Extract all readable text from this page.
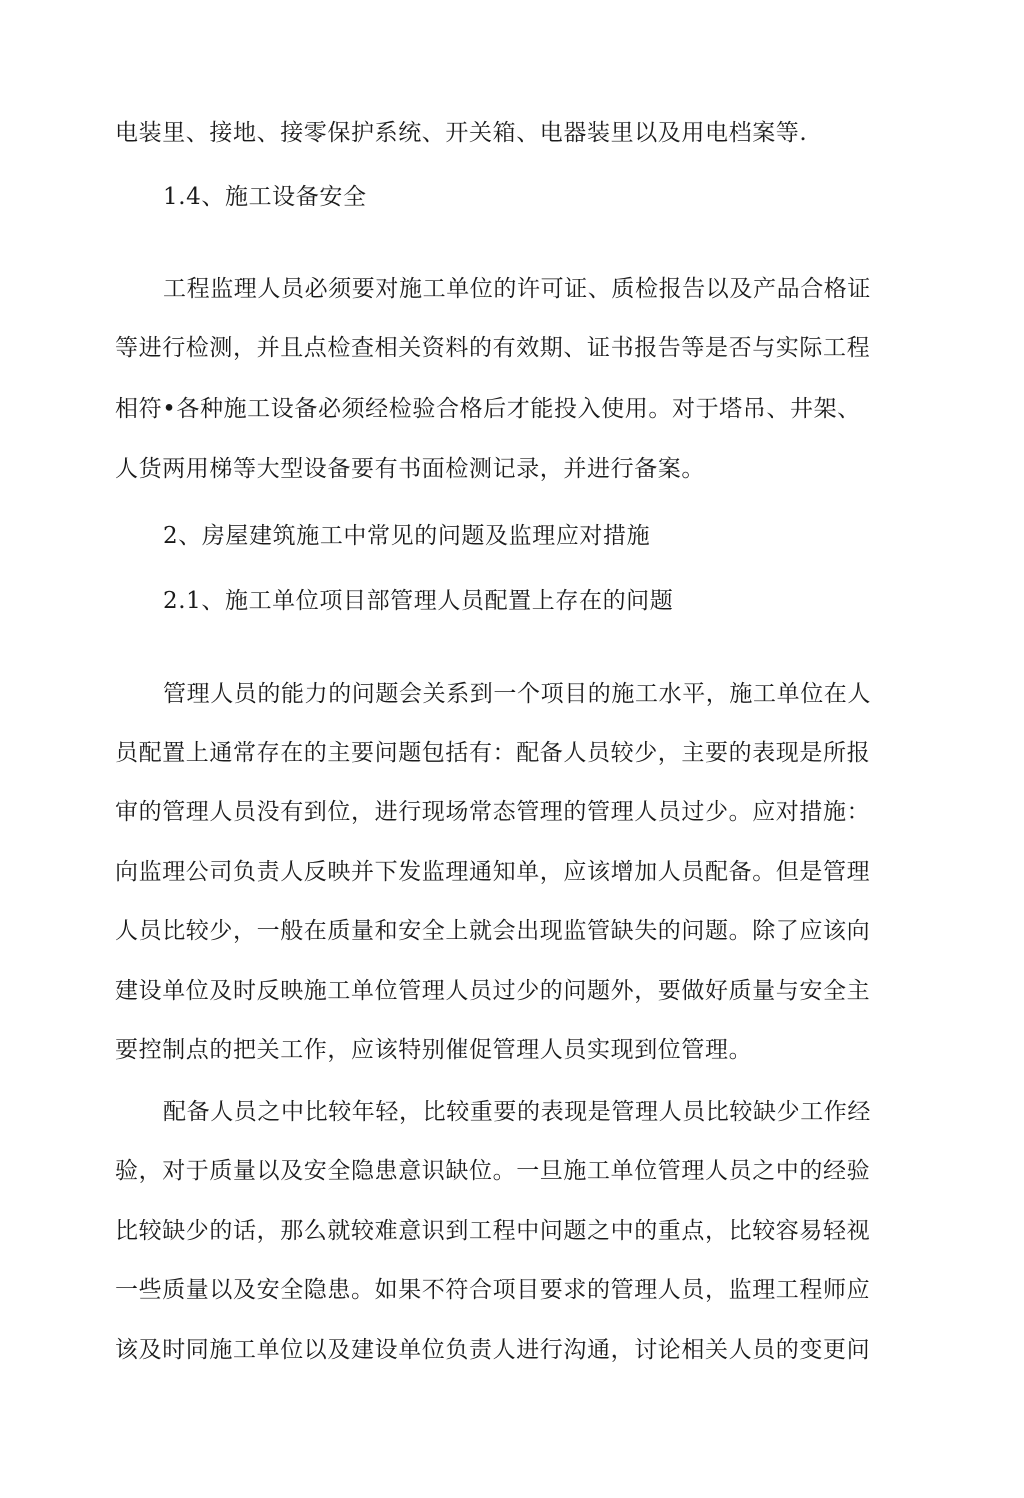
电装里、接地、接零保护系统、开关箱、电器装里以及用电档案等.
1.4、施工设备安全
工程监理人员必须要对施工单位的许可证、质检报告以及产品合格证
等进行检测，并且点检查相关资料的有效期、证书报告等是否与实际工程
相符•各种施工设备必须经检验合格后才能投入使用。对于塔吊、井架、
人货两用梯等大型设备要有书面检测记录，并进行备案。
2、房屋建筑施工中常见的问题及监理应对措施
2.1、施工单位项目部管理人员配置上存在的问题
管理人员的能力的问题会关系到一个项目的施工水平，施工单位在人
员配置上通常存在的主要问题包括有：配备人员较少，主要的表现是所报
审的管理人员没有到位，进行现场常态管理的管理人员过少。应对措施：
向监理公司负责人反映并下发监理通知单，应该增加人员配备。但是管理
人员比较少，一般在质量和安全上就会出现监管缺失的问题。除了应该向
建设单位及时反映施工单位管理人员过少的问题外，要做好质量与安全主
要控制点的把关工作，应该特别催促管理人员实现到位管理。
配备人员之中比较年轻，比较重要的表现是管理人员比较缺少工作经
验，对于质量以及安全隐患意识缺位。一旦施工单位管理人员之中的经验
比较缺少的话，那么就较难意识到工程中问题之中的重点，比较容易轻视
一些质量以及安全隐患。如果不符合项目要求的管理人员，监理工程师应
该及时同施工单位以及建设单位负责人进行沟通，讨论相关人员的变更问
